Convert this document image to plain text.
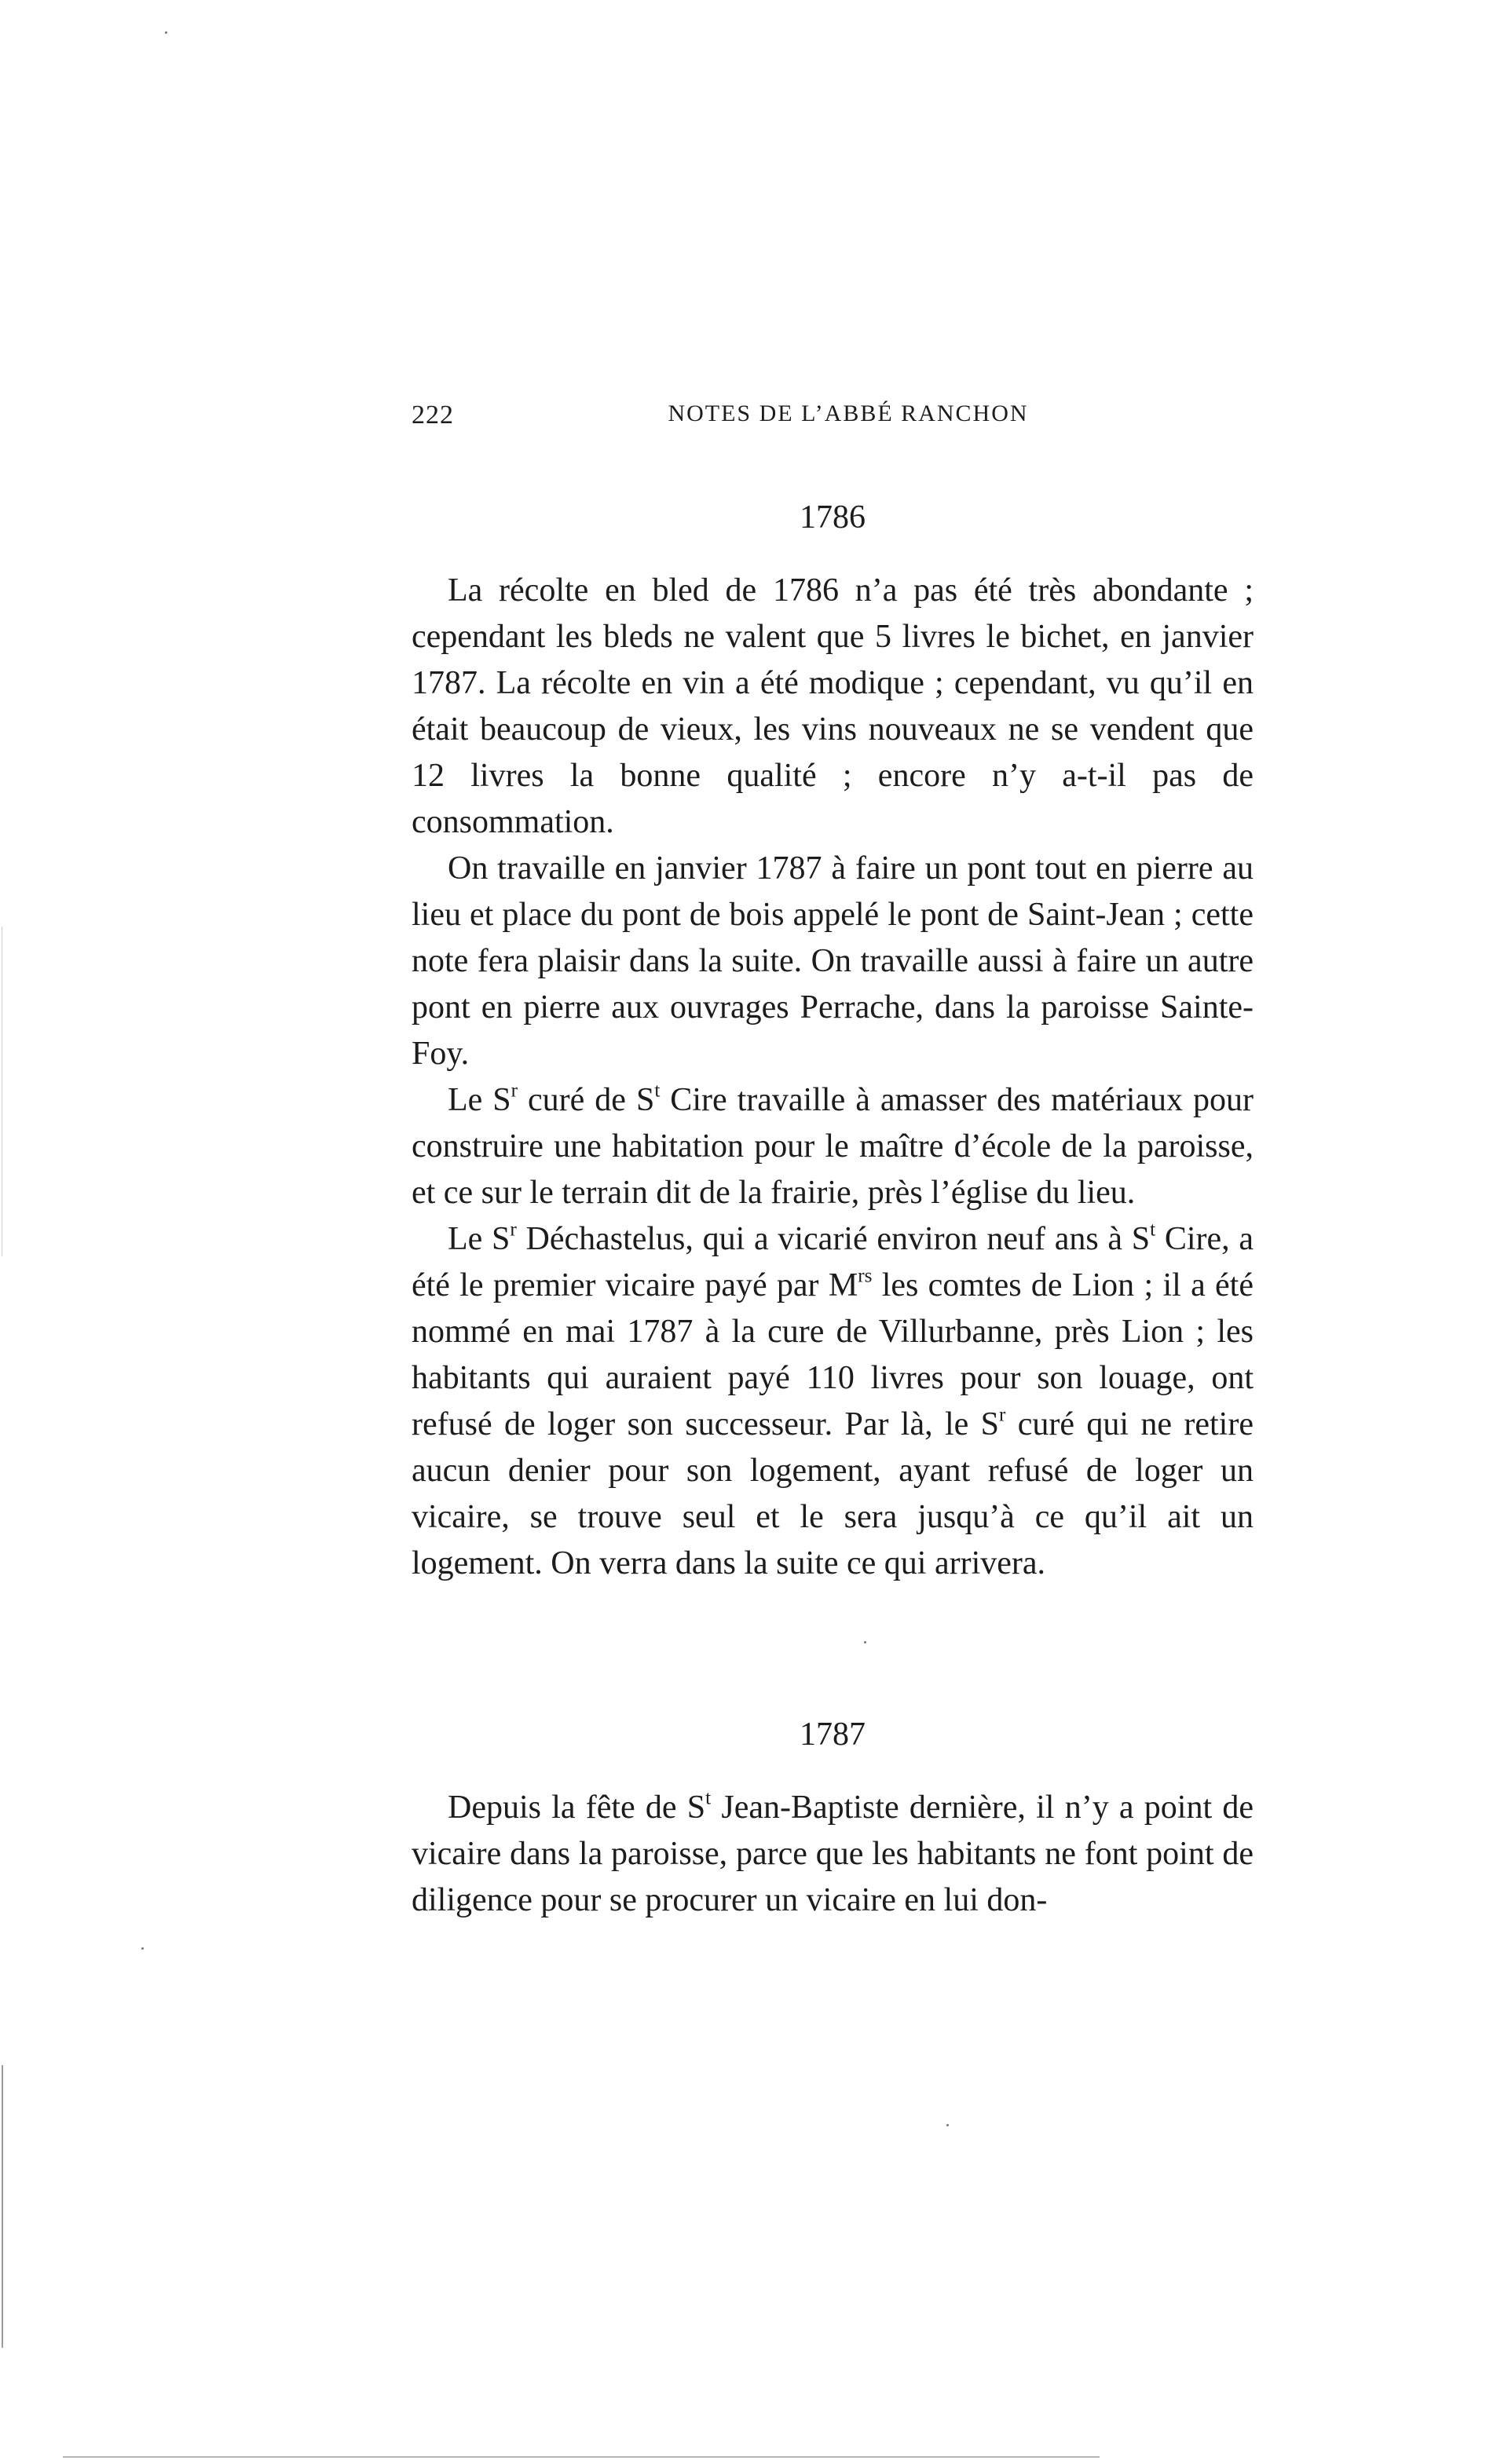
222	NOTES DE L’ABBÉ RANCHON

1786

La récolte en bled de 1786 n’a pas été très abondante ; cependant les bleds ne valent que 5 livres le bichet, en janvier 1787. La récolte en vin a été modique ; cependant, vu qu’il en était beaucoup de vieux, les vins nouveaux ne se vendent que 12 livres la bonne qualité ; encore n’y a-t-il pas de consommation.

On travaille en janvier 1787 à faire un pont tout en pierre au lieu et place du pont de bois appelé le pont de Saint-Jean ; cette note fera plaisir dans la suite. On travaille aussi à faire un autre pont en pierre aux ouvrages Perrache, dans la paroisse Sainte-Foy.

Le $S^r$ curé de $S^t$ Cire travaille à amasser des matériaux pour construire une habitation pour le maître d’école de la paroisse, et ce sur le terrain dit de la frairie, près l’église du lieu.

Le $S^r$ Déchastelus, qui a vicarié environ neuf ans à $S^t$ Cire, a été le premier vicaire payé par $M^{rs}$ les comtes de Lion ; il a été nommé en mai 1787 à la cure de Villurbanne, près Lion ; les habitants qui auraient payé 110 livres pour son louage, ont refusé de loger son successeur. Par là, le $S^r$ curé qui ne retire aucun denier pour son logement, ayant refusé de loger un vicaire, se trouve seul et le sera jusqu’à ce qu’il ait un logement. On verra dans la suite ce qui arrivera.

1787

Depuis la fête de $S^t$ Jean-Baptiste dernière, il n’y a point de vicaire dans la paroisse, parce que les habitants ne font point de diligence pour se procurer un vicaire en lui don-
